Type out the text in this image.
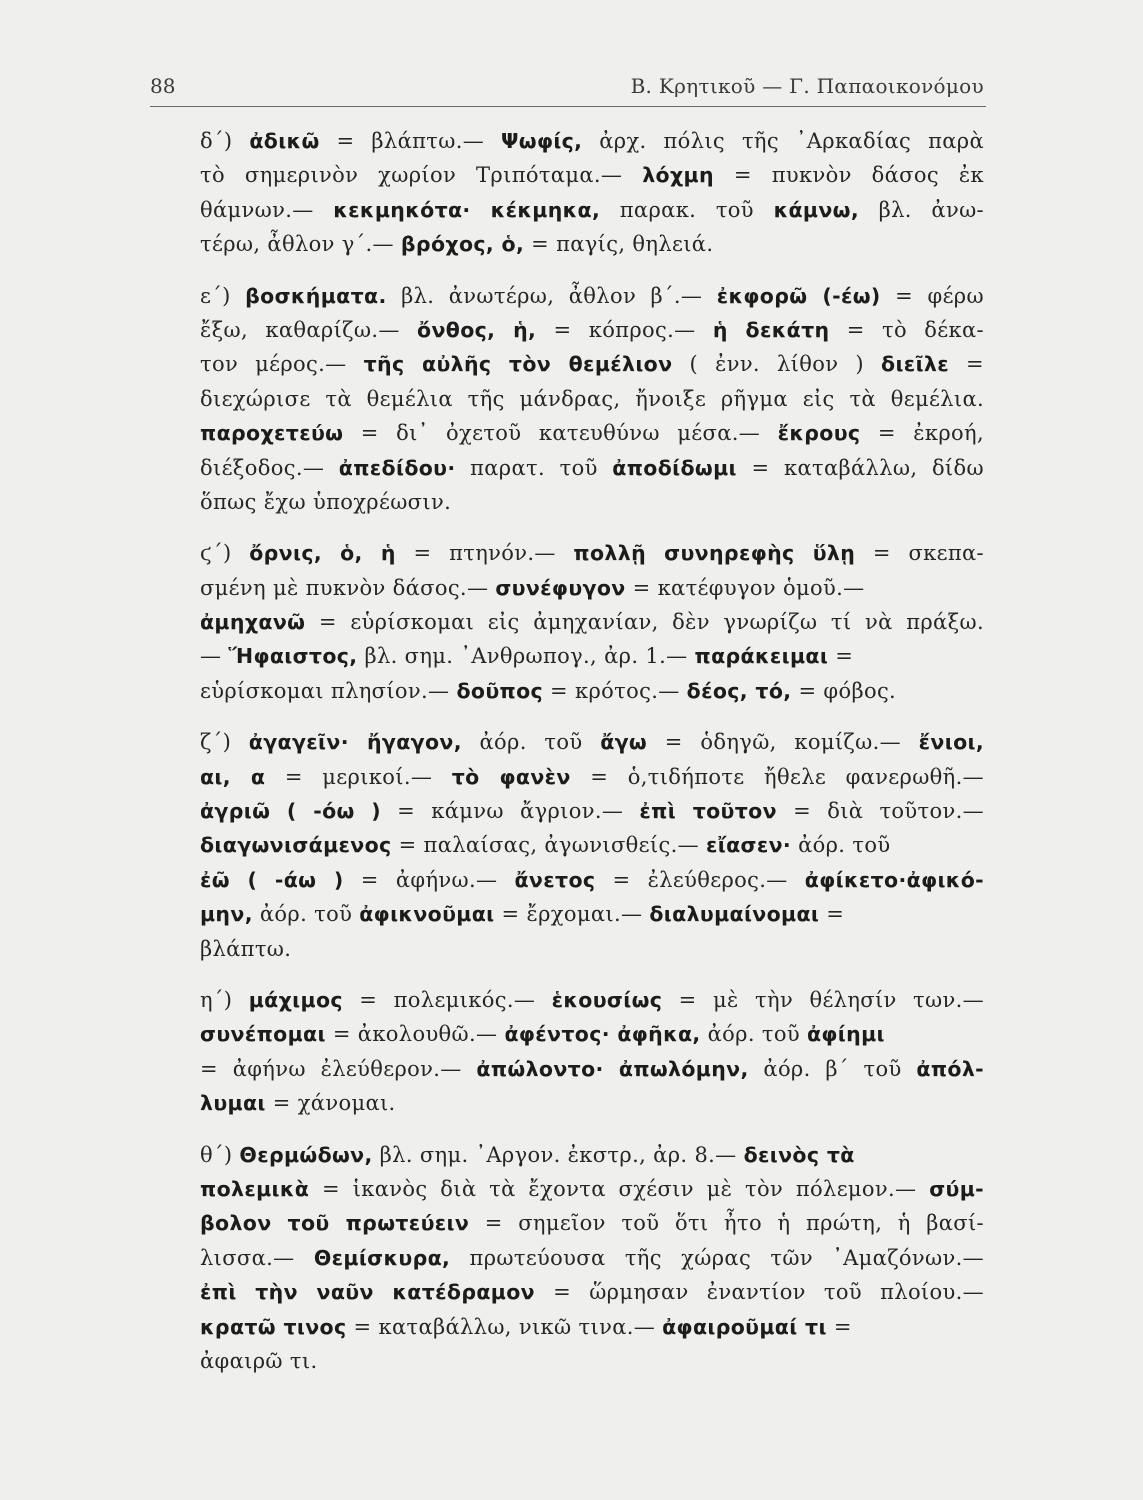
88	Β. Κρητικοῦ — Γ. Παπαοικονόμου
δ΄) ἀδικῶ = βλάπτω.— Ψωφίς, ἀρχ. πόλις τῆς ᾽Αρκαδίας παρὰ
τὸ σημερινὸν χωρίον Τριπόταμα.— λόχμη = πυκνὸν δάσος ἐκ
θάμνων.— κεκμηκότα· κέκμηκα, παρακ. τοῦ κάμνω, βλ. ἀνω-
τέρω, ἆθλον γ΄.— βρόχος, ὁ, = παγίς, θηλειά.
ε΄) βοσκήματα. βλ. ἀνωτέρω, ἆθλον β΄.— ἐκφορῶ (-έω) = φέρω
ἔξω, καθαρίζω.— ὄνθος, ἡ, = κόπρος.— ἡ δεκάτη = τὸ δέκα-
τον μέρος.— τῆς αὐλῆς τὸν θεμέλιον ( ἐνν. λίθον ) διεῖλε =
διεχώρισε τὰ θεμέλια τῆς μάνδρας, ἤνοιξε ρῆγμα εἰς τὰ θεμέλια.
παροχετεύω = δι᾽ ὀχετοῦ κατευθύνω μέσα.— ἔκρους = ἐκροή,
διέξοδος.— ἀπεδίδου· παρατ. τοῦ ἀποδίδωμι = καταβάλλω, δίδω
ὅπως ἔχω ὑποχρέωσιν.
ϛ΄) ὄρνις, ὁ, ἡ = πτηνόν.— πολλῇ συνηρεφὴς ὕλῃ = σκεπα-
σμένη μὲ πυκνὸν δάσος.— συνέφυγον = κατέφυγον ὁμοῦ.—
ἀμηχανῶ = εὑρίσκομαι εἰς ἀμηχανίαν, δὲν γνωρίζω τί νὰ πράξω.
— Ἥφαιστος, βλ. σημ. ᾽Ανθρωπογ., ἀρ. 1.— παράκειμαι =
εὑρίσκομαι πλησίον.— δοῦπος = κρότος.— δέος, τό, = φόβος.
ζ΄) ἀγαγεῖν· ἤγαγον, ἀόρ. τοῦ ἄγω = ὁδηγῶ, κομίζω.— ἔνιοι,
αι, α = μερικοί.— τὸ φανὲν = ὁ,τιδήποτε ἤθελε φανερωθῆ.—
ἀγριῶ ( -όω ) = κάμνω ἄγριον.— ἐπὶ τοῦτον = διὰ τοῦτον.—
διαγωνισάμενος = παλαίσας, ἀγωνισθείς.— εἴασεν· ἀόρ. τοῦ
ἐῶ ( -άω ) = ἀφήνω.— ἄνετος = ἐλεύθερος.— ἀφίκετο·ἀφικό-
μην, ἀόρ. τοῦ ἀφικνοῦμαι = ἔρχομαι.— διαλυμαίνομαι =
βλάπτω.
η΄) μάχιμος = πολεμικός.— ἑκουσίως = μὲ τὴν θέλησίν των.—
συνέπομαι = ἀκολουθῶ.— ἀφέντος· ἀφῆκα, ἀόρ. τοῦ ἀφίημι
= ἀφήνω ἐλεύθερον.— ἀπώλοντο· ἀπωλόμην, ἀόρ. β΄ τοῦ ἀπόλ-
λυμαι = χάνομαι.
θ΄) Θερμώδων, βλ. σημ. ᾽Αργον. ἐκστρ., ἀρ. 8.— δεινὸς τὰ
πολεμικὰ = ἱκανὸς διὰ τὰ ἔχοντα σχέσιν μὲ τὸν πόλεμον.— σύμ-
βολον τοῦ πρωτεύειν = σημεῖον τοῦ ὅτι ἦτο ἡ πρώτη, ἡ βασί-
λισσα.— Θεμίσκυρα, πρωτεύουσα τῆς χώρας τῶν ᾽Αμαζόνων.—
ἐπὶ τὴν ναῦν κατέδραμον = ὥρμησαν ἐναντίον τοῦ πλοίου.—
κρατῶ τινος = καταβάλλω, νικῶ τινα.— ἀφαιροῦμαί τι =
ἀφαιρῶ τι.
